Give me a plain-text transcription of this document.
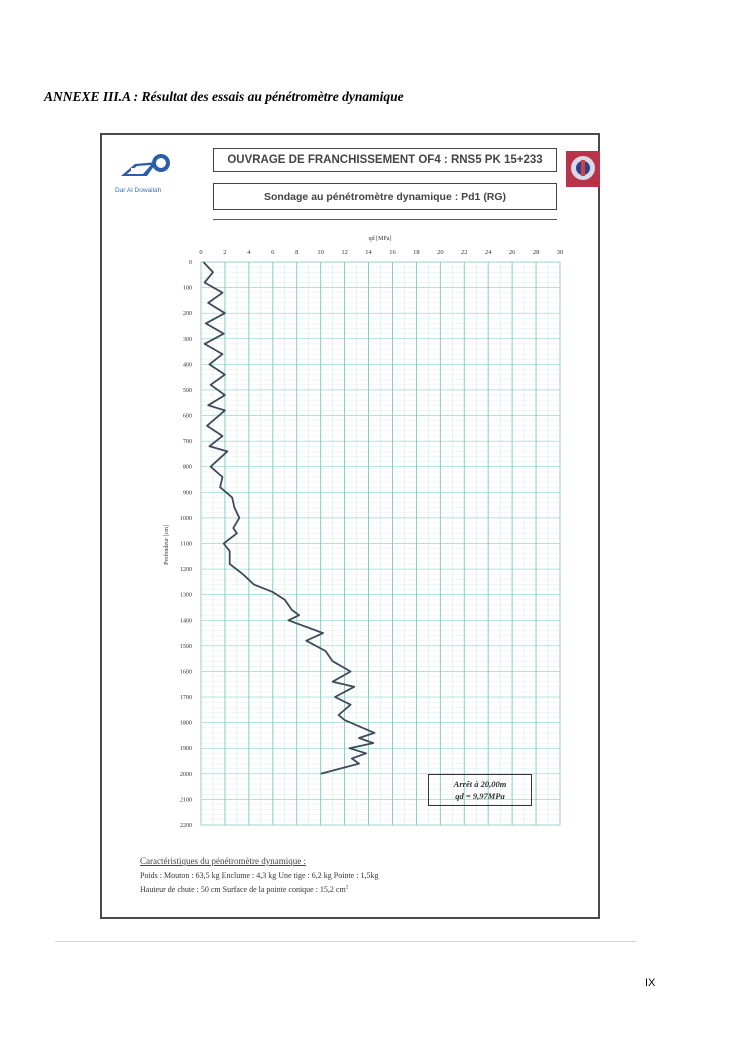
ANNEXE III.A : Résultat des essais au pénétromètre dynamique
Dar Al Dowailah
LBS
OUVRAGE DE FRANCHISSEMENT OF4 : RNS5 PK 15+233
Sondage au pénétromètre dynamique : Pd1 (RG)
0	2	4	6	8	10	12	14	16	18	20	22	24	26	28	30
0
100
200
300
400
500
600
700
800
900
1000
1100
1200
1300
1400
1500
1600
1700
1800
1900
2000
2100
2200
qd [MPa]
Profondeur [cm]
Arrêt à 20,00m
qd = 9,97MPa
Caractéristiques du pénétromètre dynamique :
Poids : Mouton : 63,5 kg Enclume : 4,3 kg Une tige : 6,2 kg Pointe : 1,5kg
Hauteur de chute : 50 cm Surface de la pointe conique : 15,2 $cm^2$
IX
